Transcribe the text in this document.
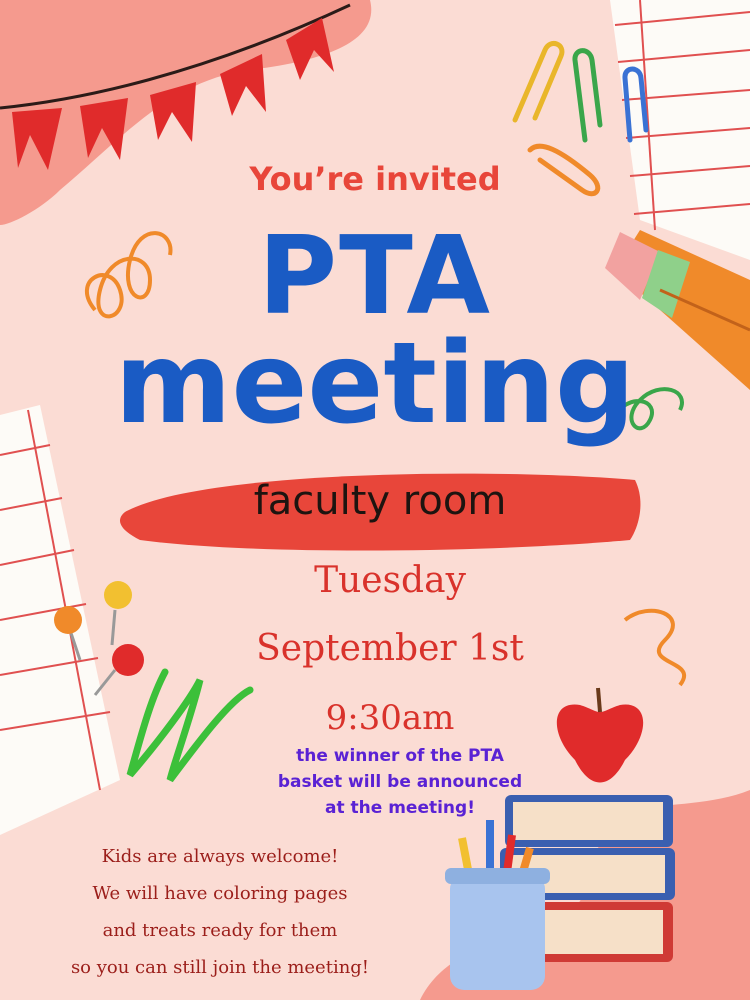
You’re invited
PTA
meeting
faculty room
Tuesday
September 1st
9:30am
the winner of the PTA
basket will be announced
at the meeting!
Kids are always welcome!
We will have coloring pages
and treats ready for them
so you can still join the meeting!
